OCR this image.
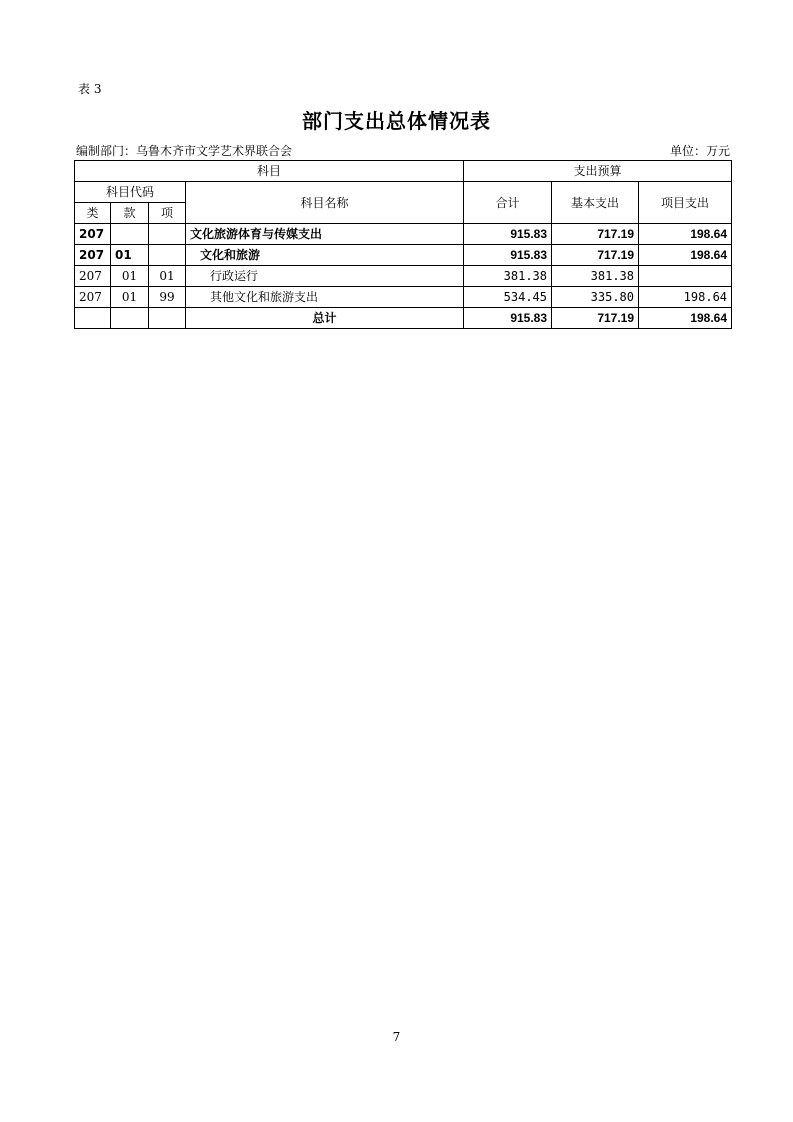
表 3
部门支出总体情况表
编制部门：乌鲁木齐市文学艺术界联合会	单位：万元
科目				支出预算		
科目代码			科目名称	合计	基本支出	项目支出
类	款	项				
207			文化旅游体育与传媒支出	915.83	717.19	198.64
207	01		文化和旅游	915.83	717.19	198.64
207	01	01	行政运行	381.38	381.38	
207	01	99	其他文化和旅游支出	534.45	335.80	198.64
			总计	915.83	717.19	198.64
7
